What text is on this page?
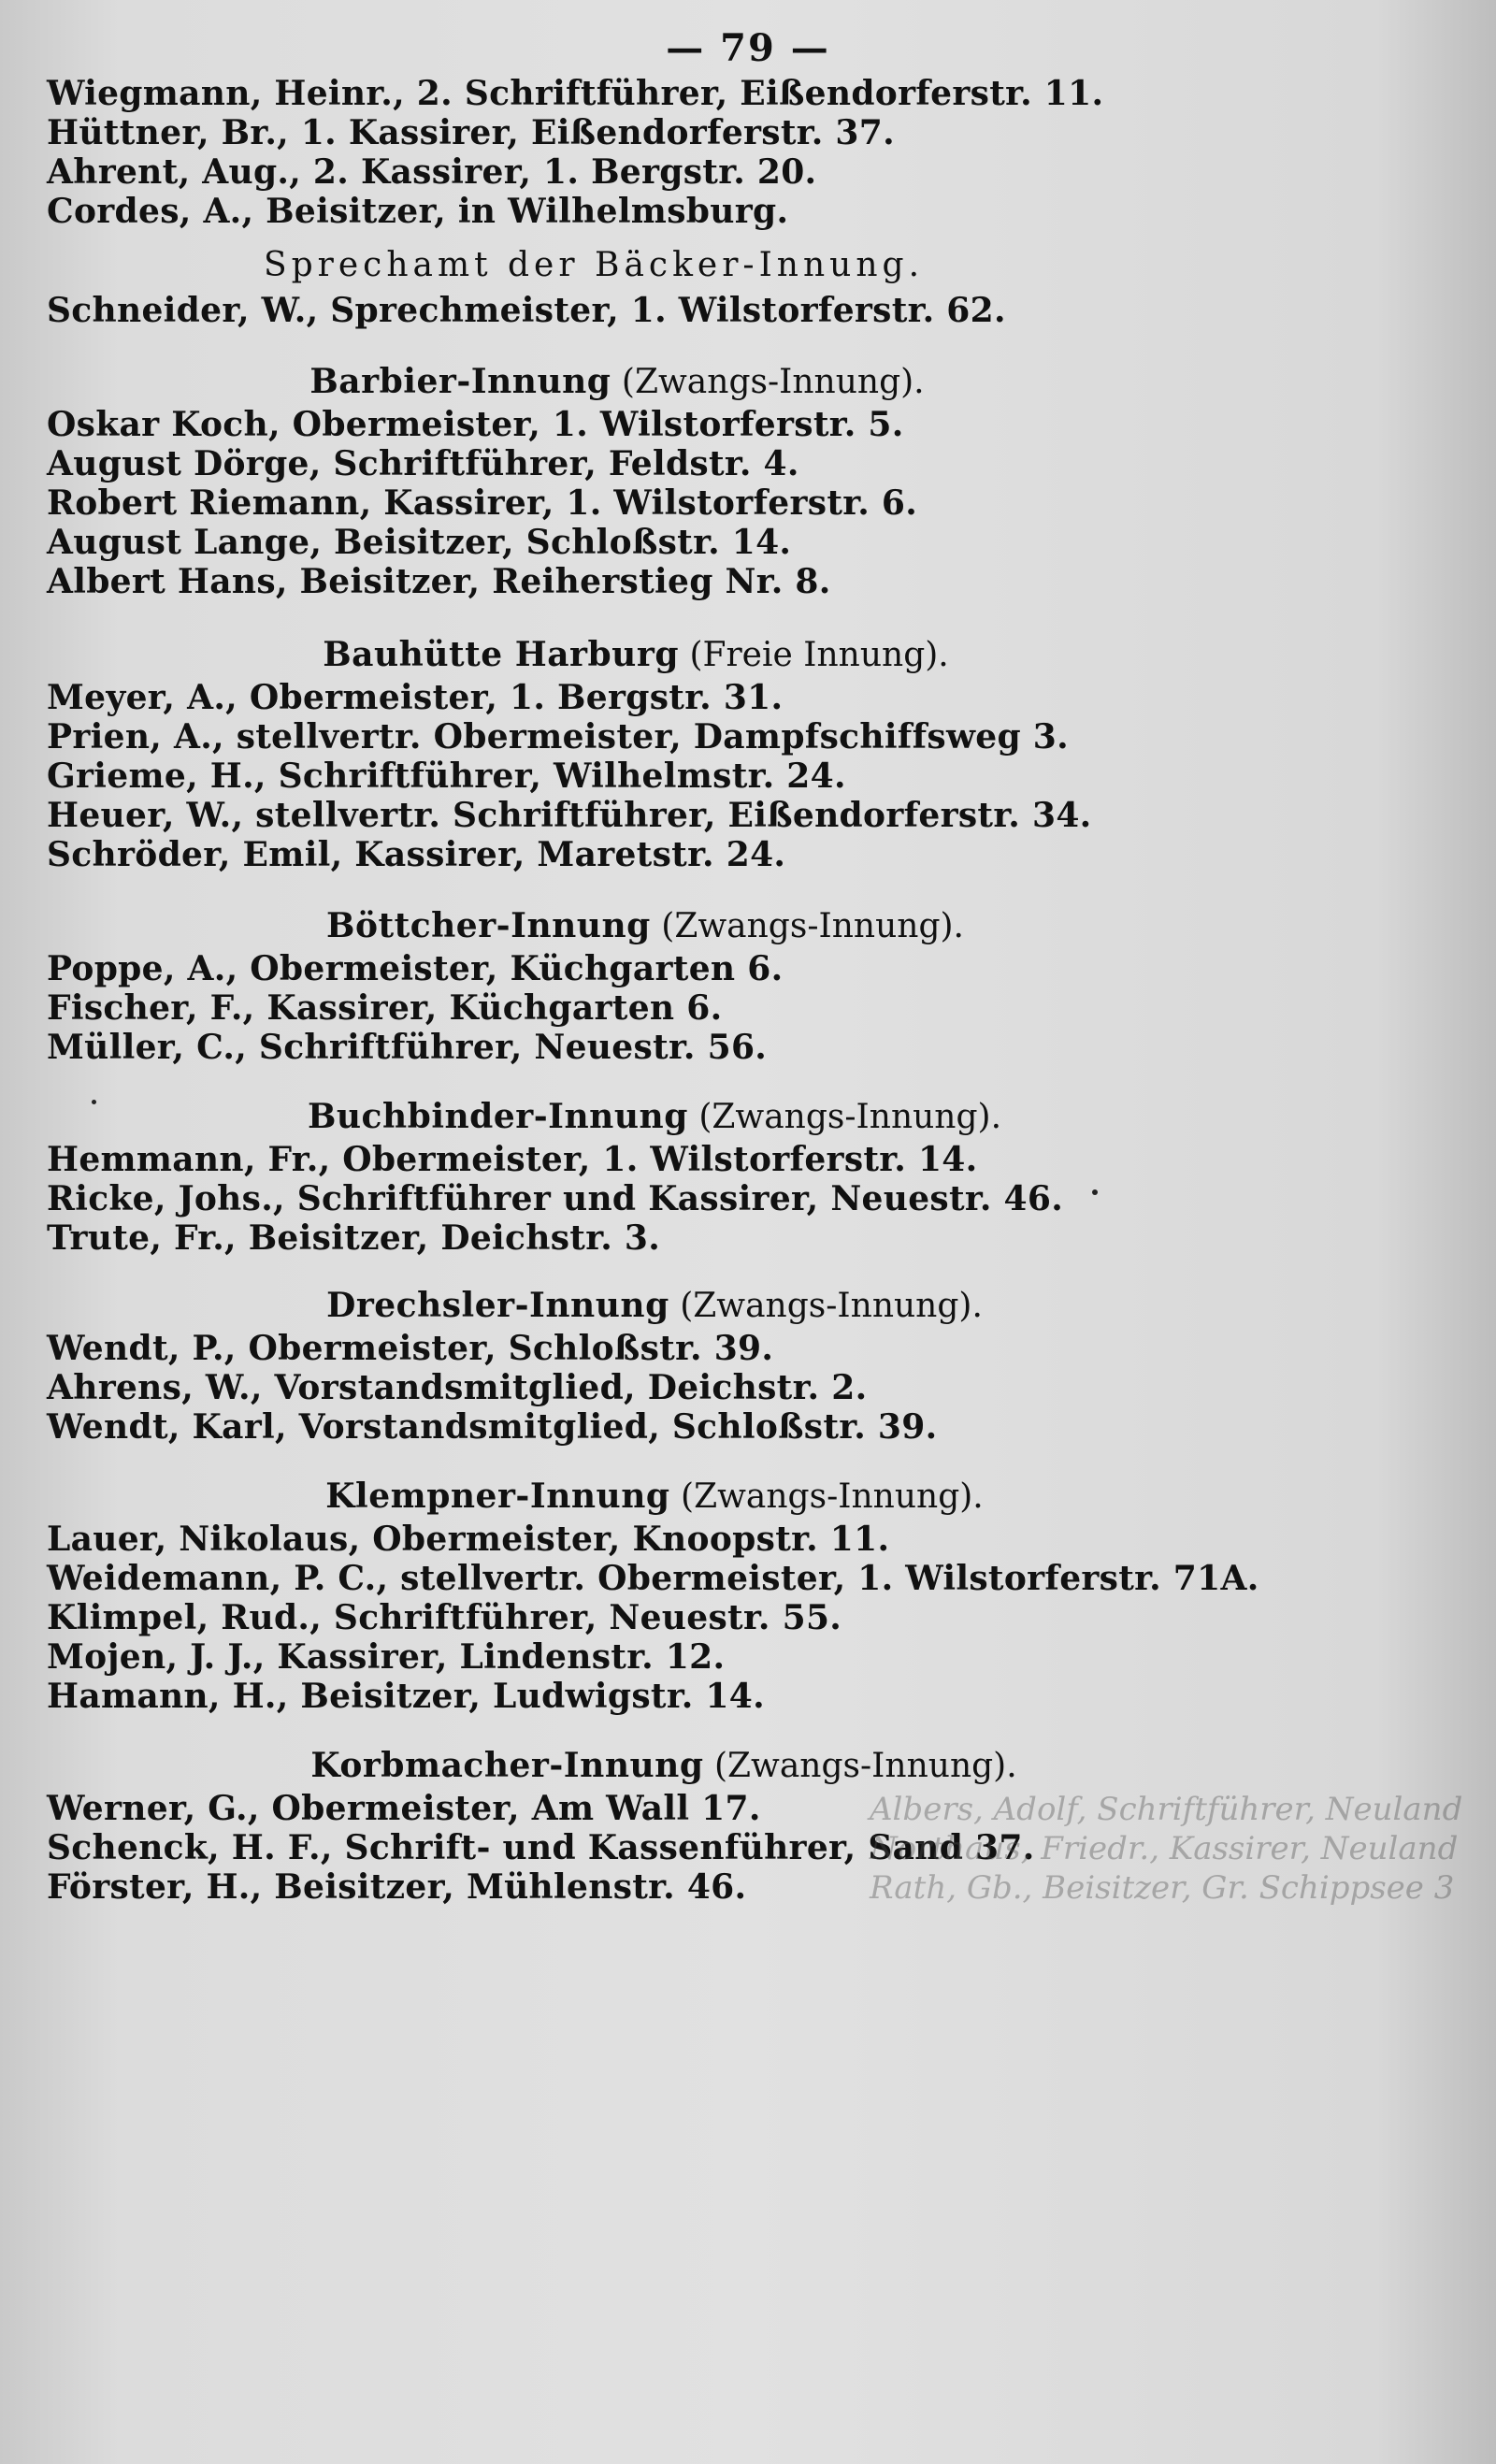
— 79 —
Wiegmann, Heinr., 2. Schriftführer, Eißendorferstr. 11.
Hüttner, Br., 1. Kassirer, Eißendorferstr. 37.
Ahrent, Aug., 2. Kassirer, 1. Bergstr. 20.
Cordes, A., Beisitzer, in Wilhelmsburg.
Sprechamt der Bäcker-Innung.
Schneider, W., Sprechmeister, 1. Wilstorferstr. 62.
Barbier-Innung (Zwangs-Innung).
Oskar Koch, Obermeister, 1. Wilstorferstr. 5.
August Dörge, Schriftführer, Feldstr. 4.
Robert Riemann, Kassirer, 1. Wilstorferstr. 6.
August Lange, Beisitzer, Schloßstr. 14.
Albert Hans, Beisitzer, Reiherstieg Nr. 8.
Bauhütte Harburg (Freie Innung).
Meyer, A., Obermeister, 1. Bergstr. 31.
Prien, A., stellvertr. Obermeister, Dampfschiffsweg 3.
Grieme, H., Schriftführer, Wilhelmstr. 24.
Heuer, W., stellvertr. Schriftführer, Eißendorferstr. 34.
Schröder, Emil, Kassirer, Maretstr. 24.
Böttcher-Innung (Zwangs-Innung).
Poppe, A., Obermeister, Küchgarten 6.
Fischer, F., Kassirer, Küchgarten 6.
Müller, C., Schriftführer, Neuestr. 56.
Buchbinder-Innung (Zwangs-Innung).
Hemmann, Fr., Obermeister, 1. Wilstorferstr. 14.
Ricke, Johs., Schriftführer und Kassirer, Neuestr. 46.
Trute, Fr., Beisitzer, Deichstr. 3.
Drechsler-Innung (Zwangs-Innung).
Wendt, P., Obermeister, Schloßstr. 39.
Ahrens, W., Vorstandsmitglied, Deichstr. 2.
Wendt, Karl, Vorstandsmitglied, Schloßstr. 39.
Klempner-Innung (Zwangs-Innung).
Lauer, Nikolaus, Obermeister, Knoopstr. 11.
Weidemann, P. C., stellvertr. Obermeister, 1. Wilstorferstr. 71A.
Klimpel, Rud., Schriftführer, Neuestr. 55.
Mojen, J. J., Kassirer, Lindenstr. 12.
Hamann, H., Beisitzer, Ludwigstr. 14.
Korbmacher-Innung (Zwangs-Innung).
Werner, G., Obermeister, Am Wall 17.
Schenck, H. F., Schrift- und Kassenführer, Sand 37.
Förster, H., Beisitzer, Mühlenstr. 46.
Albers, Adolf, Schriftführer, Neuland
Northaus, Friedr., Kassirer, Neuland
Rath, Gb., Beisitzer, Gr. Schippsee 3
